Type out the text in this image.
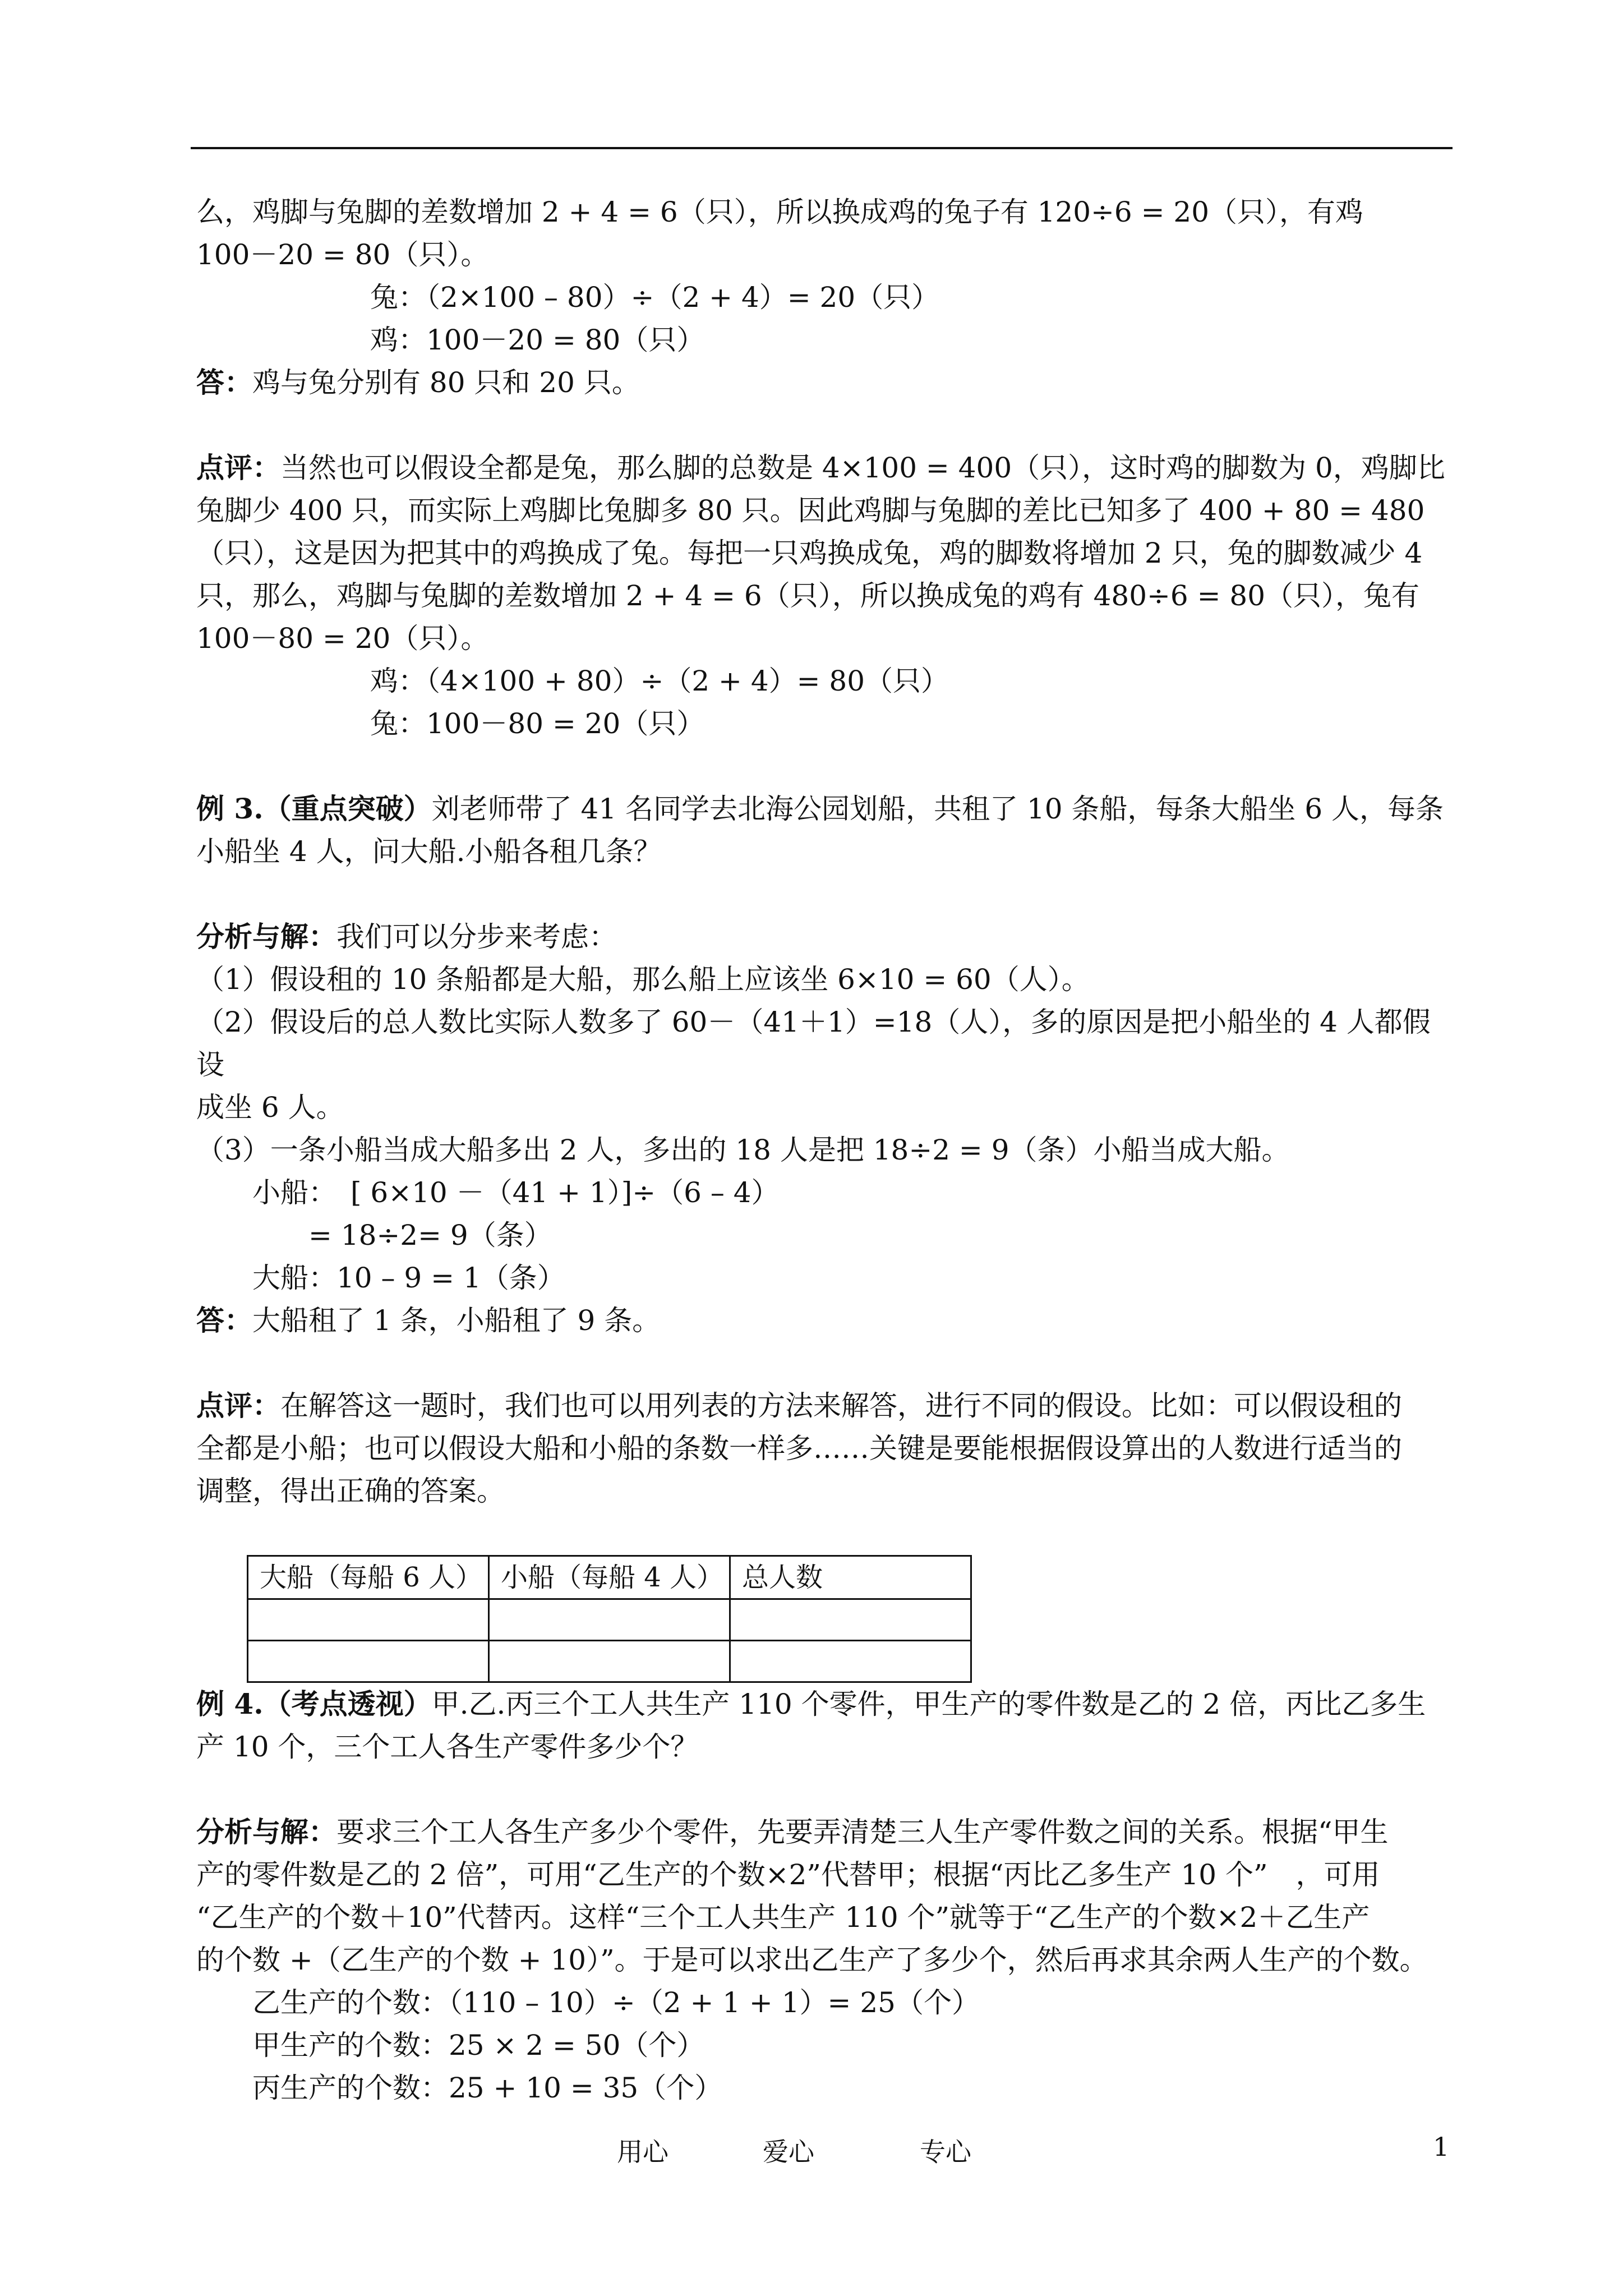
么，鸡脚与兔脚的差数增加 2 + 4 = 6（只），所以换成鸡的兔子有 120÷6 = 20（只），有鸡

100－20 = 80（只）。

兔：（2×100 – 80）÷（2 + 4）= 20（只）

鸡：100－20 = 80（只）

答：鸡与兔分别有 80 只和 20 只。

点评：当然也可以假设全都是兔，那么脚的总数是 4×100 = 400（只），这时鸡的脚数为 0，鸡脚比

兔脚少 400 只，而实际上鸡脚比兔脚多 80 只。因此鸡脚与兔脚的差比已知多了 400 + 80 = 480

（只），这是因为把其中的鸡换成了兔。每把一只鸡换成兔，鸡的脚数将增加 2 只，兔的脚数减少 4

只，那么，鸡脚与兔脚的差数增加 2 + 4 = 6（只），所以换成兔的鸡有 480÷6 = 80（只），兔有

100－80 = 20（只）。

鸡：（4×100 + 80）÷（2 + 4）= 80（只）

兔：100－80 = 20（只）

例 3.（重点突破）刘老师带了 41 名同学去北海公园划船，共租了 10 条船，每条大船坐 6 人，每条

小船坐 4 人，问大船.小船各租几条？

分析与解：我们可以分步来考虑：

（1）假设租的 10 条船都是大船，那么船上应该坐 6×10 = 60（人）。

（2）假设后的总人数比实际人数多了 60－（41＋1）=18（人），多的原因是把小船坐的 4 人都假设

成坐 6 人。

（3）一条小船当成大船多出 2 人，多出的 18 人是把 18÷2 = 9（条）小船当成大船。

小船：　[ 6×10 －（41 + 1）]÷（6 – 4）

= 18÷2= 9（条）

大船：10 – 9 = 1（条）

答：大船租了 1 条，小船租了 9 条。

点评：在解答这一题时，我们也可以用列表的方法来解答，进行不同的假设。比如：可以假设租的

全都是小船；也可以假设大船和小船的条数一样多……关键是要能根据假设算出的人数进行适当的

调整，得出正确的答案。

大船（每船 6 人）	小船（每船 4 人）	总人数

例 4.（考点透视）甲.乙.丙三个工人共生产 110 个零件，甲生产的零件数是乙的 2 倍，丙比乙多生

产 10 个，三个工人各生产零件多少个？

分析与解：要求三个工人各生产多少个零件，先要弄清楚三人生产零件数之间的关系。根据“甲生

产的零件数是乙的 2 倍”，可用“乙生产的个数×2”代替甲；根据“丙比乙多生产 10 个”　，可用

“乙生产的个数＋10”代替丙。这样“三个工人共生产 110 个”就等于“乙生产的个数×2＋乙生产

的个数 +（乙生产的个数 + 10）”。于是可以求出乙生产了多少个，然后再求其余两人生产的个数。

乙生产的个数：（110 – 10）÷（2 + 1 + 1）= 25（个）

甲生产的个数：25 × 2 = 50（个）

丙生产的个数：25 + 10 = 35（个）

用心	爱心	专心	1
